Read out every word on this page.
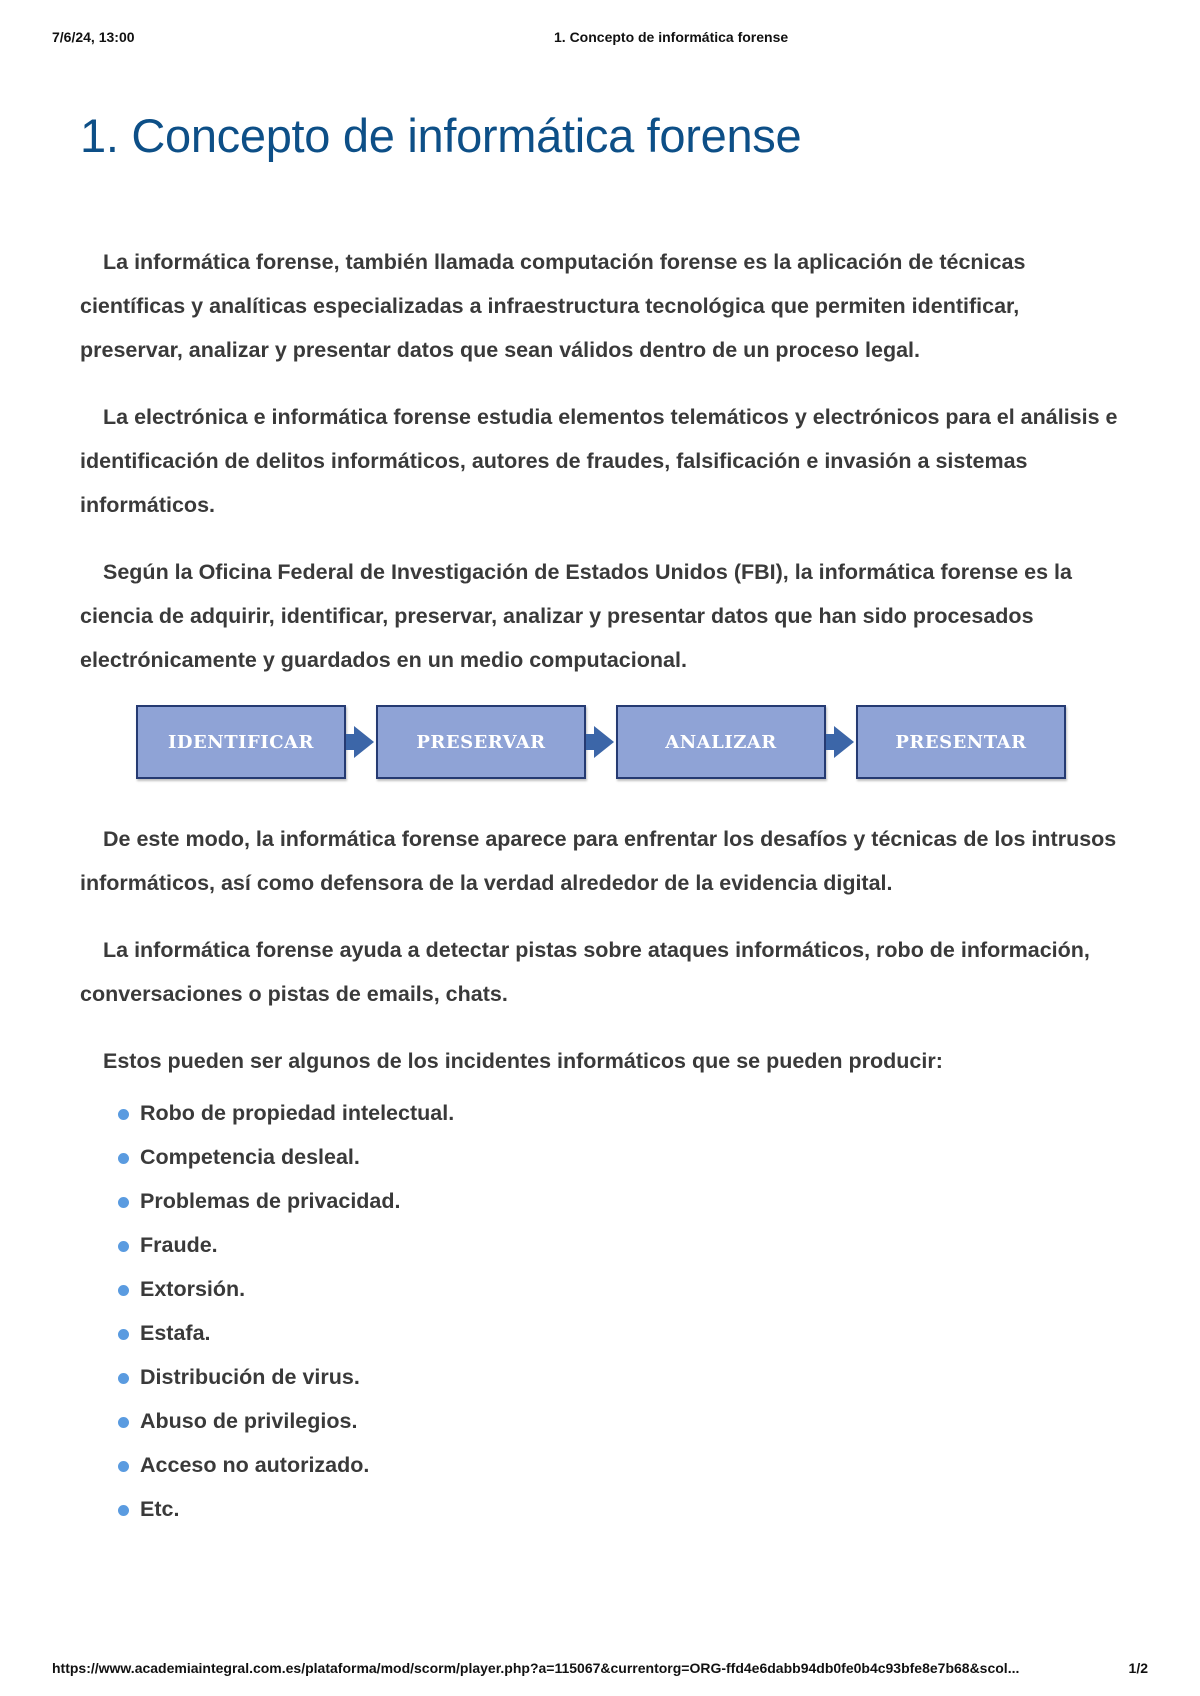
7/6/24, 13:00	1. Concepto de informática forense
1. Concepto de informática forense

La informática forense, también llamada computación forense es la aplicación de técnicas científicas y analíticas especializadas a infraestructura tecnológica que permiten identificar, preservar, analizar y presentar datos que sean válidos dentro de un proceso legal.

La electrónica e informática forense estudia elementos telemáticos y electrónicos para el análisis e identificación de delitos informáticos, autores de fraudes, falsificación e invasión a sistemas informáticos.

Según la Oficina Federal de Investigación de Estados Unidos (FBI), la informática forense es la ciencia de adquirir, identificar, preservar, analizar y presentar datos que han sido procesados electrónicamente y guardados en un medio computacional.

IDENTIFICAR	PRESERVAR	ANALIZAR	PRESENTAR

De este modo, la informática forense aparece para enfrentar los desafíos y técnicas de los intrusos informáticos, así como defensora de la verdad alrededor de la evidencia digital.

La informática forense ayuda a detectar pistas sobre ataques informáticos, robo de información, conversaciones o pistas de emails, chats.

Estos pueden ser algunos de los incidentes informáticos que se pueden producir:

Robo de propiedad intelectual.
Competencia desleal.
Problemas de privacidad.
Fraude.
Extorsión.
Estafa.
Distribución de virus.
Abuso de privilegios.
Acceso no autorizado.
Etc.
https://www.academiaintegral.com.es/plataforma/mod/scorm/player.php?a=115067&currentorg=ORG-ffd4e6dabb94db0fe0b4c93bfe8e7b68&scol...	1/2
